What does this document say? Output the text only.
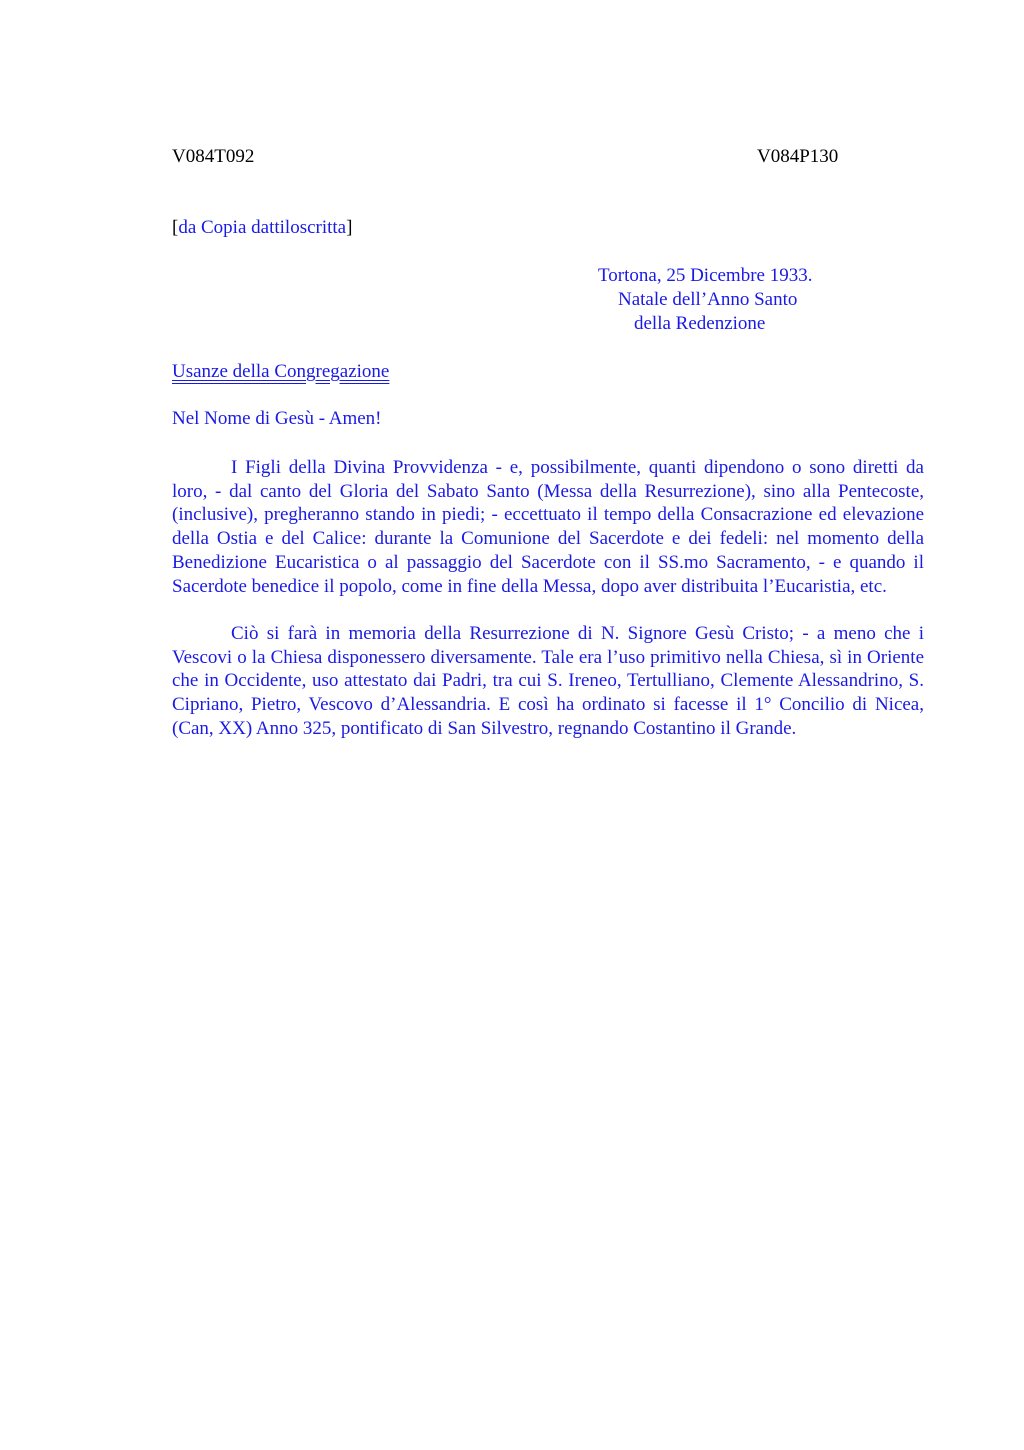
V084T092	V084P130
[da Copia dattiloscritta]
Tortona, 25 Dicembre 1933.
Natale dell’Anno Santo
della Redenzione
Usanze della Congregazione
Nel Nome di Gesù - Amen!

I Figli della Divina Provvidenza - e, possibilmente, quanti dipendono o sono diretti da loro, - dal canto del Gloria del Sabato Santo (Messa della Resurrezione), sino alla Pentecoste, (inclusive), pregheranno stando in piedi; - eccettuato il tempo della Consacrazione ed elevazione della Ostia e del Calice: durante la Comunione del Sacerdote e dei fedeli: nel momento della Benedizione Eucaristica o al passaggio del Sacerdote con il SS.mo Sacramento, - e quando il Sacerdote benedice il popolo, come in fine della Messa, dopo aver distribuita l’Eucaristia, etc.

Ciò si farà in memoria della Resurrezione di N. Signore Gesù Cristo; - a meno che i Vescovi o la Chiesa disponessero diversamente. Tale era l’uso primitivo nella Chiesa, sì in Oriente che in Occidente, uso attestato dai Padri, tra cui S. Ireneo, Tertulliano, Clemente Alessandrino, S. Cipriano, Pietro, Vescovo d’Alessandria. E così ha ordinato si facesse il 1° Concilio di Nicea, (Can, XX) Anno 325, pontificato di San Silvestro, regnando Costantino il Grande.
